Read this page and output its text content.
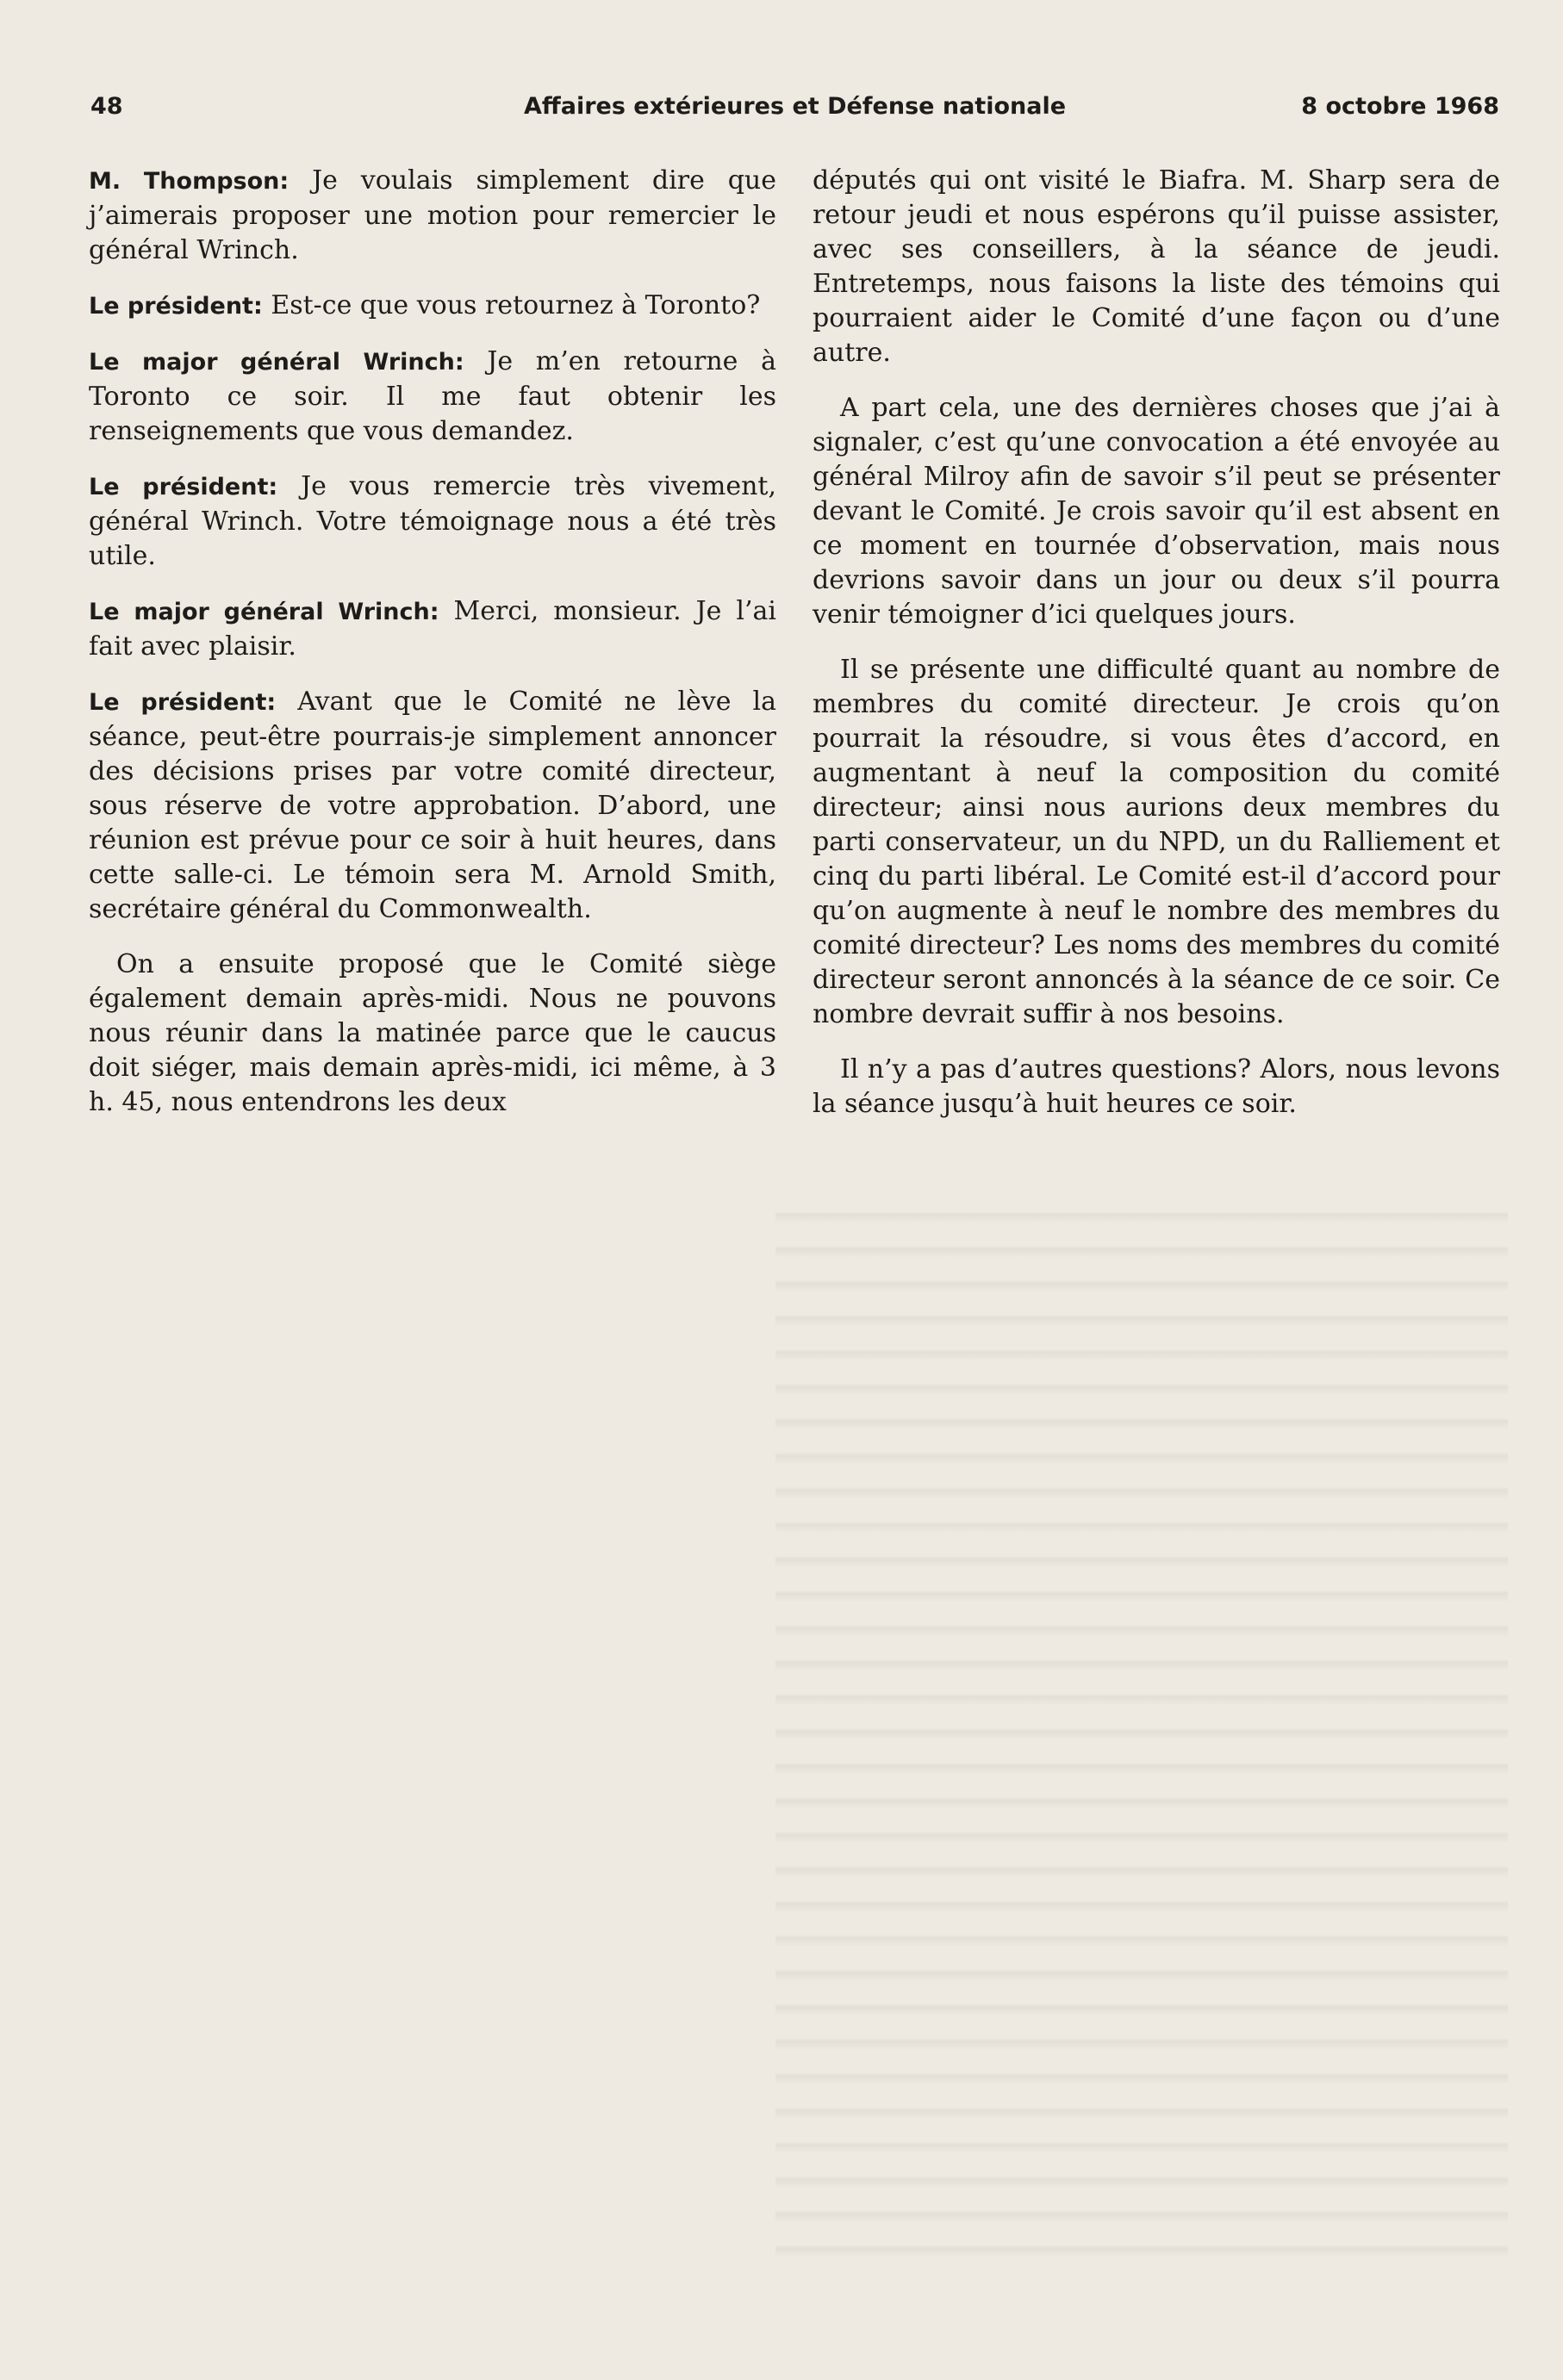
48	Affaires extérieures et Défense nationale	8 octobre 1968

M. Thompson: Je voulais simplement dire que j’aimerais proposer une motion pour remercier le général Wrinch.

Le président: Est-ce que vous retournez à Toronto?

Le major général Wrinch: Je m’en retourne à Toronto ce soir. Il me faut obtenir les renseignements que vous demandez.

Le président: Je vous remercie très vivement, général Wrinch. Votre témoignage nous a été très utile.

Le major général Wrinch: Merci, monsieur. Je l’ai fait avec plaisir.

Le président: Avant que le Comité ne lève la séance, peut-être pourrais-je simplement annoncer des décisions prises par votre comité directeur, sous réserve de votre approbation. D’abord, une réunion est prévue pour ce soir à huit heures, dans cette salle-ci. Le témoin sera M. Arnold Smith, secrétaire général du Commonwealth.

On a ensuite proposé que le Comité siège également demain après-midi. Nous ne pouvons nous réunir dans la matinée parce que le caucus doit siéger, mais demain après-midi, ici même, à 3 h. 45, nous entendrons les deux

députés qui ont visité le Biafra. M. Sharp sera de retour jeudi et nous espérons qu’il puisse assister, avec ses conseillers, à la séance de jeudi. Entretemps, nous faisons la liste des témoins qui pourraient aider le Comité d’une façon ou d’une autre.

A part cela, une des dernières choses que j’ai à signaler, c’est qu’une convocation a été envoyée au général Milroy afin de savoir s’il peut se présenter devant le Comité. Je crois savoir qu’il est absent en ce moment en tournée d’observation, mais nous devrions savoir dans un jour ou deux s’il pourra venir témoigner d’ici quelques jours.

Il se présente une difficulté quant au nombre de membres du comité directeur. Je crois qu’on pourrait la résoudre, si vous êtes d’accord, en augmentant à neuf la composition du comité directeur; ainsi nous aurions deux membres du parti conservateur, un du NPD, un du Ralliement et cinq du parti libéral. Le Comité est-il d’accord pour qu’on augmente à neuf le nombre des membres du comité directeur? Les noms des membres du comité directeur seront annoncés à la séance de ce soir. Ce nombre devrait suffir à nos besoins.

Il n’y a pas d’autres questions? Alors, nous levons la séance jusqu’à huit heures ce soir.
